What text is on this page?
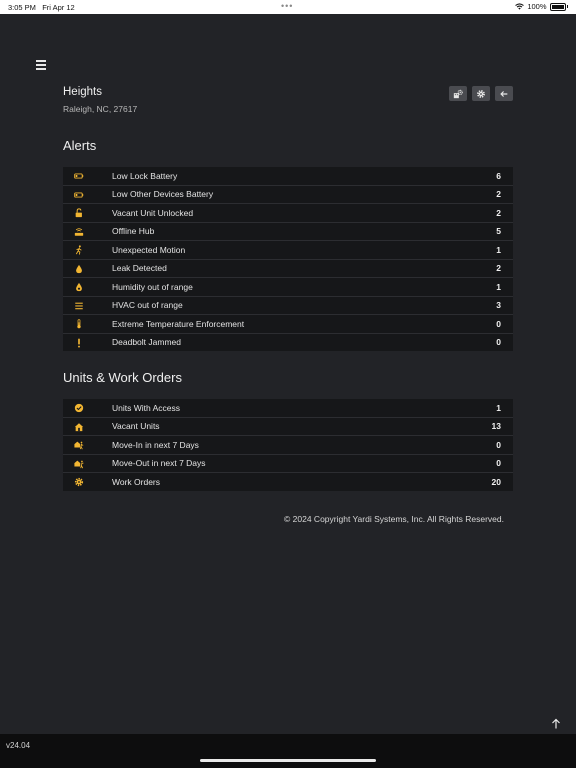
3:05 PM Fri Apr 12	•••	100%
Heights
Raleigh, NC, 27617
Alerts
Low Lock Battery	6
Low Other Devices Battery	2
Vacant Unit Unlocked	2
Offline Hub	5
Unexpected Motion	1
Leak Detected	2
Humidity out of range	1
HVAC out of range	3
Extreme Temperature Enforcement	0
Deadbolt Jammed	0
Units & Work Orders
Units With Access	1
Vacant Units	13
Move-In in next 7 Days	0
Move-Out in next 7 Days	0
Work Orders	20
© 2024 Copyright Yardi Systems, Inc. All Rights Reserved.
v24.04
